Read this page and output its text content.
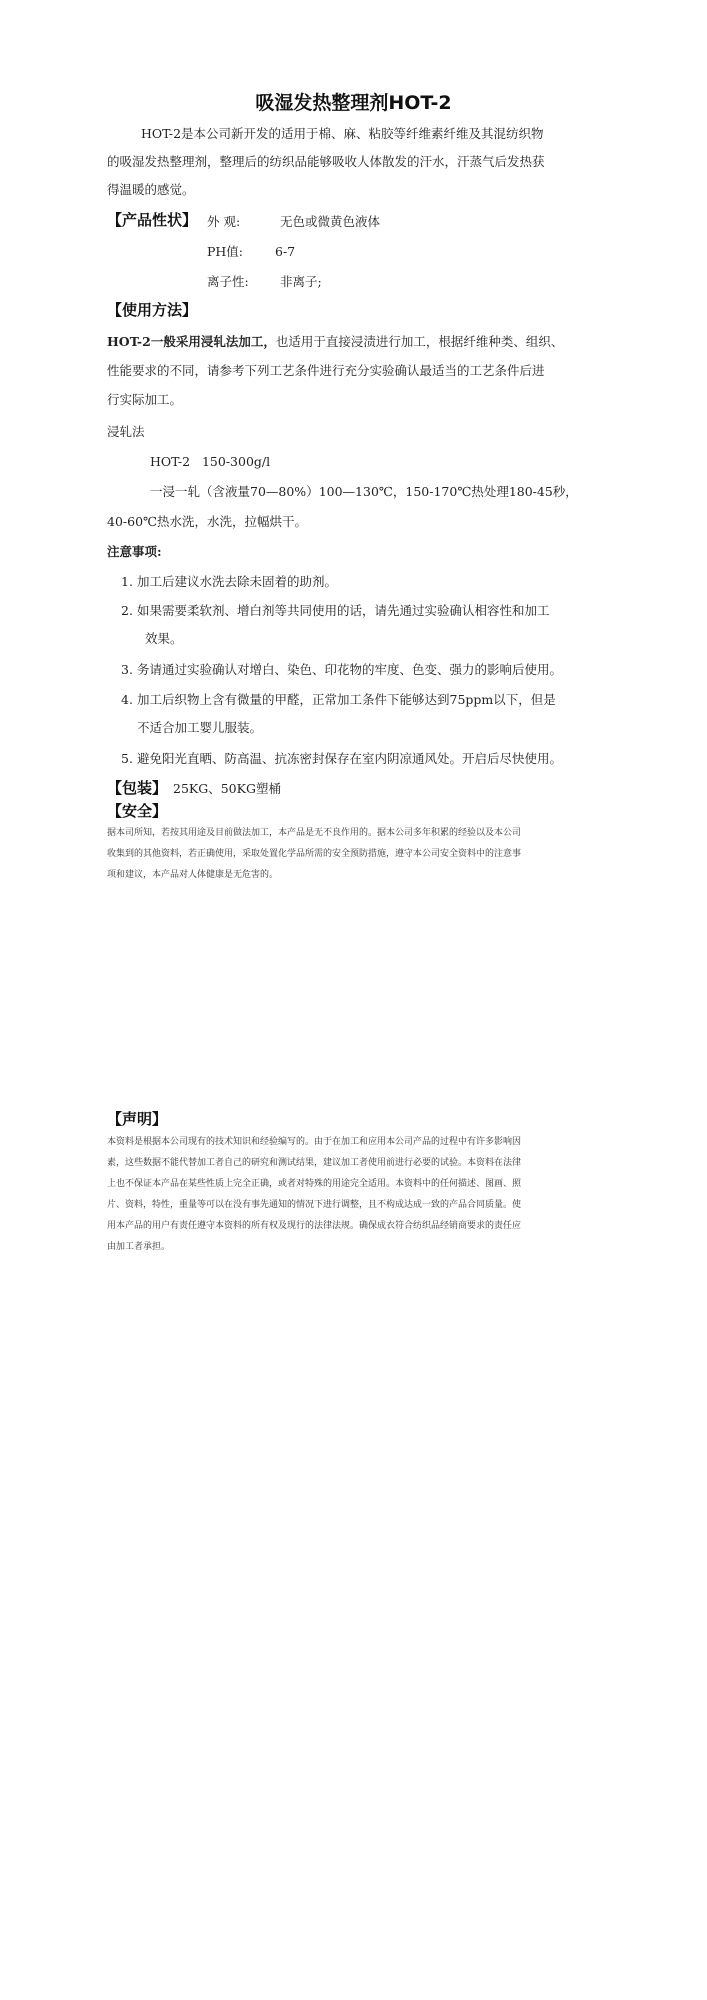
吸湿发热整理剂HOT-2
HOT-2是本公司新开发的适用于棉、麻、粘胶等纤维素纤维及其混纺织物
的吸湿发热整理剂，整理后的纺织品能够吸收人体散发的汗水，汗蒸气后发热获
得温暖的感觉。
【产品性状】 外 观:	无色或微黄色液体
PH值:	6-7
离子性:	非离子;
【使用方法】
HOT-2一般采用浸轧法加工，也适用于直接浸渍进行加工，根据纤维种类、组织、
性能要求的不同，请参考下列工艺条件进行充分实验确认最适当的工艺条件后进
行实际加工。
浸轧法
HOT-2   150-300g/l
一浸一轧（含液量70—80%）100—130℃，150-170℃热处理180-45秒，
40-60℃热水洗，水洗，拉幅烘干。
注意事项:
1. 加工后建议水洗去除未固着的助剂。
2. 如果需要柔软剂、增白剂等共同使用的话，请先通过实验确认相容性和加工
效果。
3. 务请通过实验确认对增白、染色、印花物的牢度、色变、强力的影响后使用。
4. 加工后织物上含有微量的甲醛，正常加工条件下能够达到75ppm以下，但是
不适合加工婴儿服装。
5. 避免阳光直晒、防高温、抗冻密封保存在室内阴凉通风处。开启后尽快使用。
【包装】 25KG、50KG塑桶
【安全】
据本司所知，若按其用途及目前做法加工，本产品是无不良作用的。据本公司多年积累的经验以及本公司
收集到的其他资料，若正确使用，采取处置化学品所需的安全预防措施，遵守本公司安全资料中的注意事
项和建议，本产品对人体健康是无危害的。
【声明】
本资料是根据本公司现有的技术知识和经验编写的。由于在加工和应用本公司产品的过程中有许多影响因
素，这些数据不能代替加工者自己的研究和测试结果，建议加工者使用前进行必要的试验。本资料在法律
上也不保证本产品在某些性质上完全正确，或者对特殊的用途完全适用。本资料中的任何描述、图画、照
片、资料，特性，重量等可以在没有事先通知的情况下进行调整，且不构成达成一致的产品合同质量。使
用本产品的用户有责任遵守本资料的所有权及现行的法律法规。确保成衣符合纺织品经销商要求的责任应
由加工者承担。
